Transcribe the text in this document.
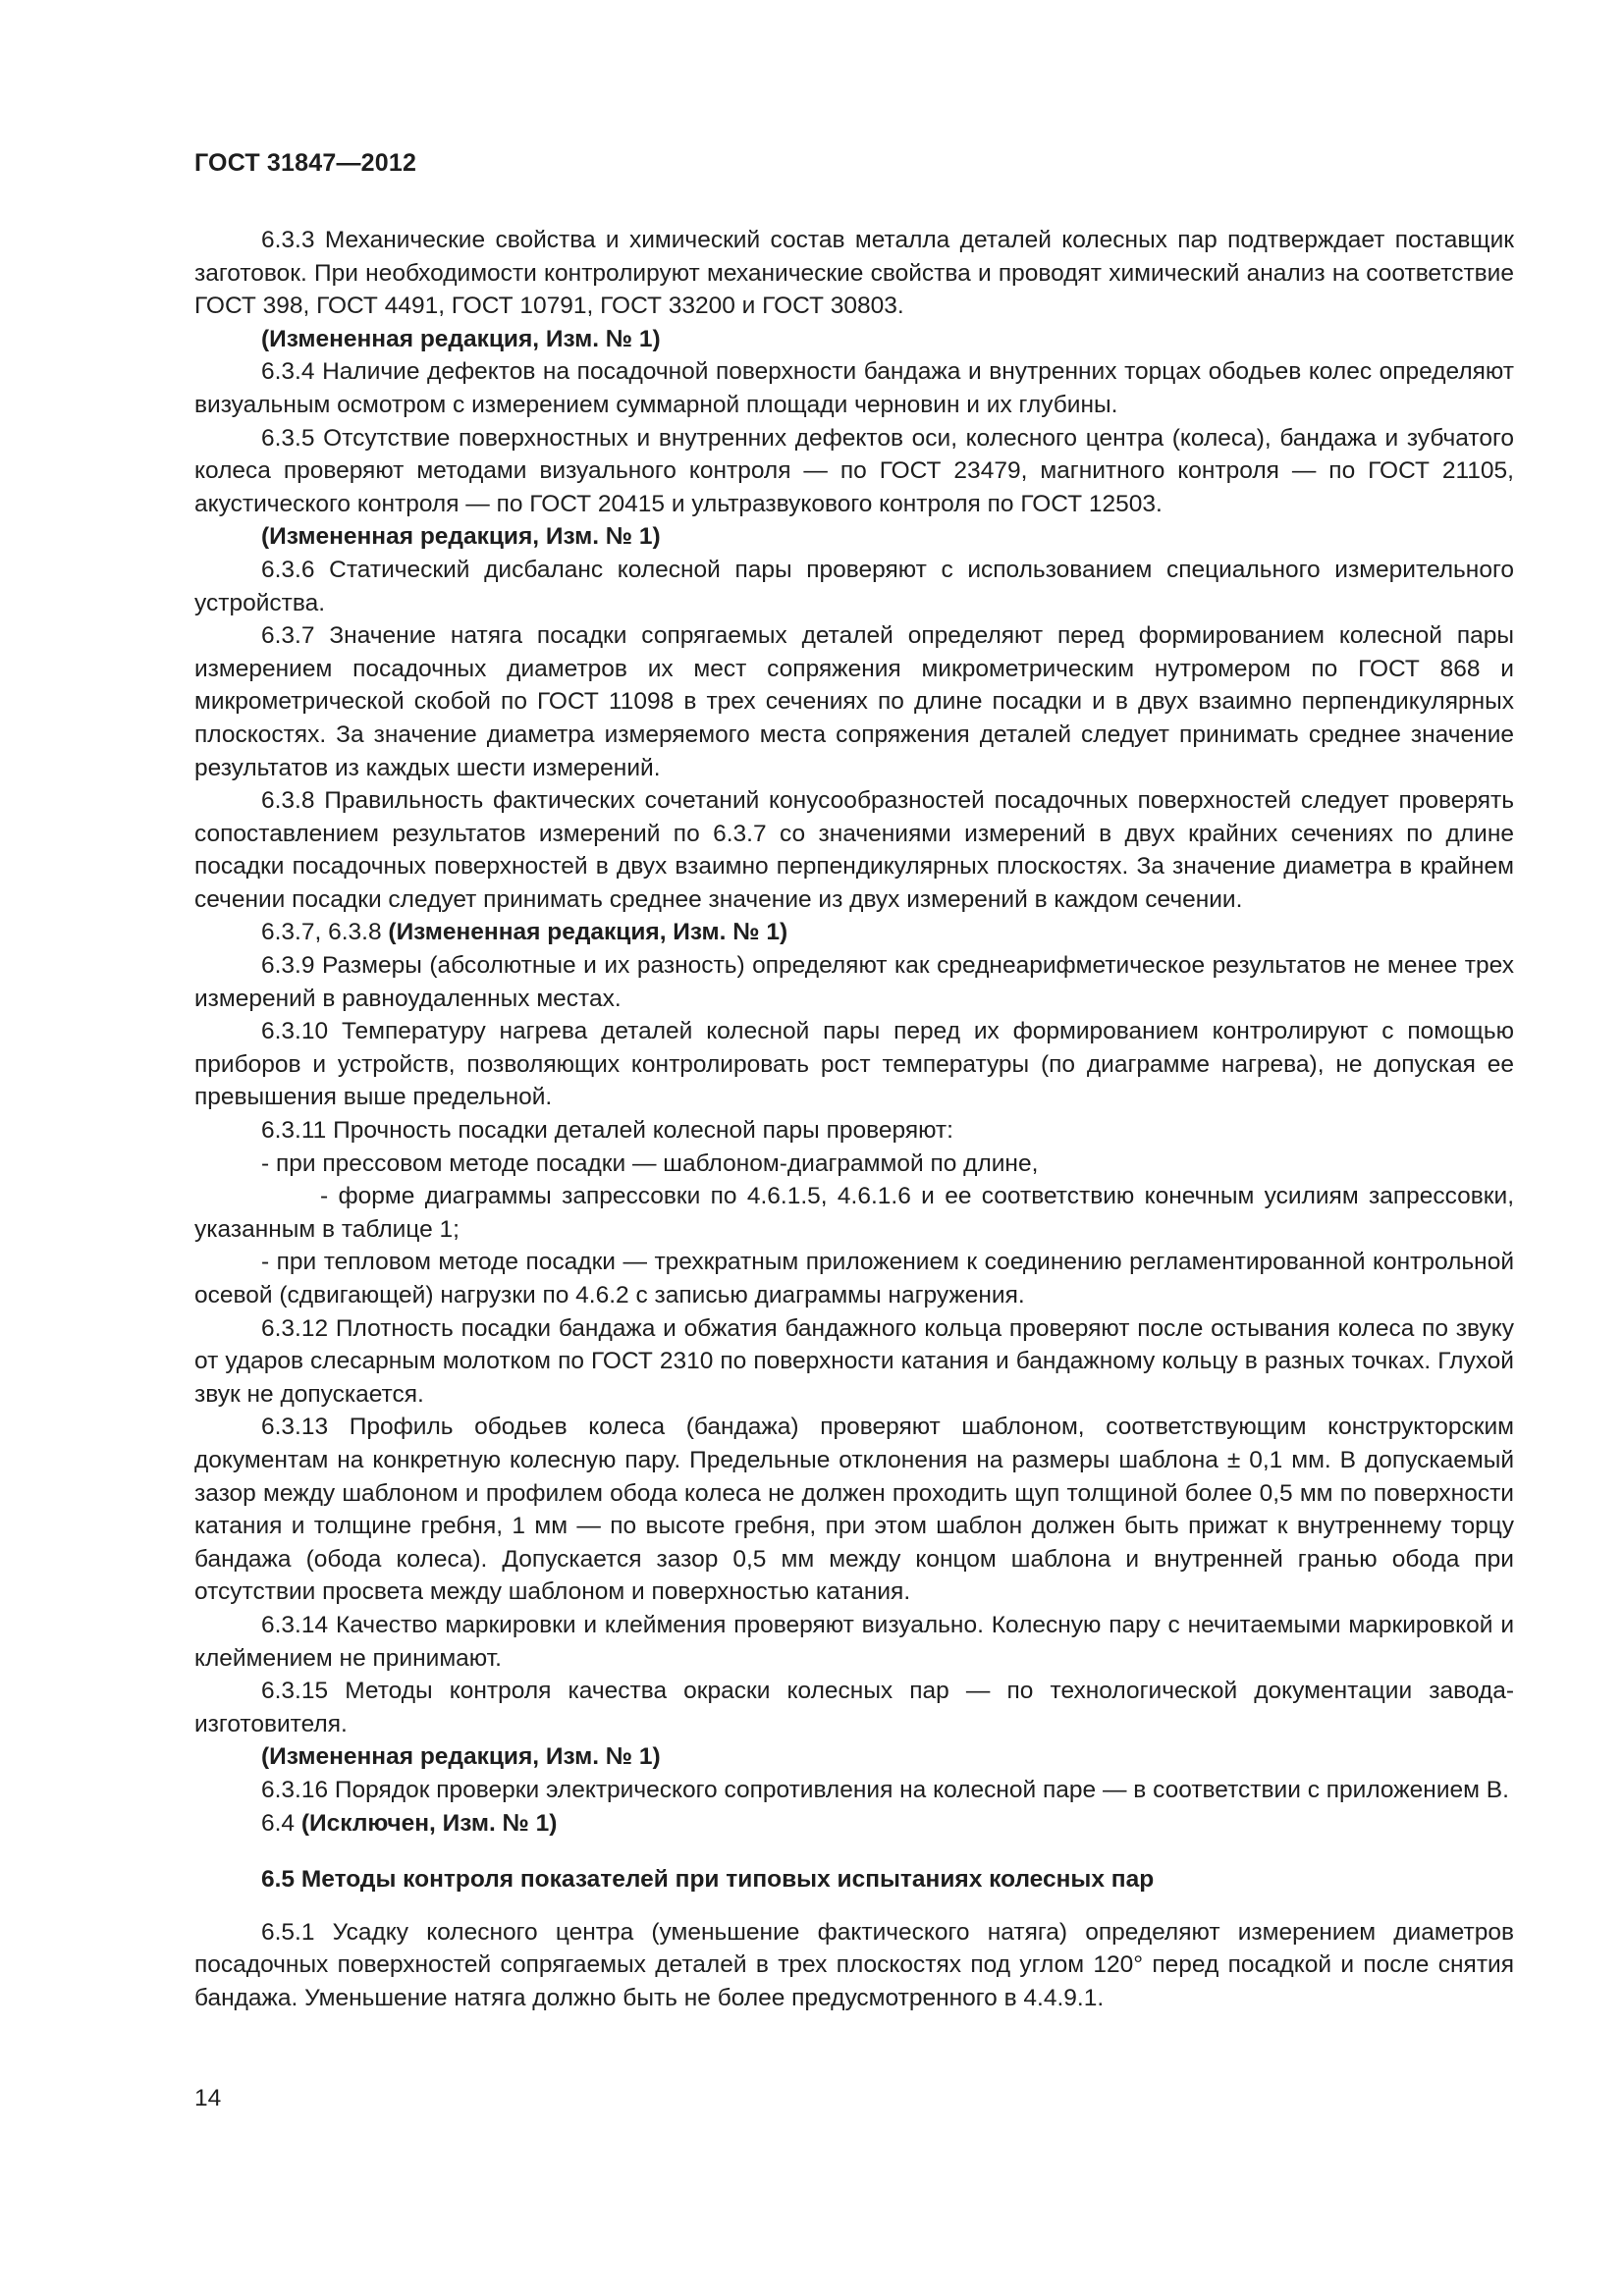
ГОСТ 31847—2012

6.3.3 Механические свойства и химический состав металла деталей колесных пар подтверждает поставщик заготовок. При необходимости контролируют механические свойства и проводят химический анализ на соответствие ГОСТ 398, ГОСТ 4491, ГОСТ 10791, ГОСТ 33200 и ГОСТ 30803.

(Измененная редакция, Изм. № 1)

6.3.4 Наличие дефектов на посадочной поверхности бандажа и внутренних торцах ободьев колес определяют визуальным осмотром с измерением суммарной площади черновин и их глубины.

6.3.5 Отсутствие поверхностных и внутренних дефектов оси, колесного центра (колеса), бандажа и зубчатого колеса проверяют методами визуального контроля — по ГОСТ 23479, магнитного контроля — по ГОСТ 21105, акустического контроля — по ГОСТ 20415 и ультразвукового контроля по ГОСТ 12503.

(Измененная редакция, Изм. № 1)

6.3.6 Статический дисбаланс колесной пары проверяют с использованием специального измерительного устройства.

6.3.7 Значение натяга посадки сопрягаемых деталей определяют перед формированием колесной пары измерением посадочных диаметров их мест сопряжения микрометрическим нутромером по ГОСТ 868 и микрометрической скобой по ГОСТ 11098 в трех сечениях по длине посадки и в двух взаимно перпендикулярных плоскостях. За значение диаметра измеряемого места сопряжения деталей следует принимать среднее значение результатов из каждых шести измерений.

6.3.8 Правильность фактических сочетаний конусообразностей посадочных поверхностей следует проверять сопоставлением результатов измерений по 6.3.7 со значениями измерений в двух крайних сечениях по длине посадки посадочных поверхностей в двух взаимно перпендикулярных плоскостях. За значение диаметра в крайнем сечении посадки следует принимать среднее значение из двух измерений в каждом сечении.

6.3.7, 6.3.8 (Измененная редакция, Изм. № 1)

6.3.9 Размеры (абсолютные и их разность) определяют как среднеарифметическое результатов не менее трех измерений в равноудаленных местах.

6.3.10 Температуру нагрева деталей колесной пары перед их формированием контролируют с помощью приборов и устройств, позволяющих контролировать рост температуры (по диаграмме нагрева), не допуская ее превышения выше предельной.

6.3.11 Прочность посадки деталей колесной пары проверяют:

- при прессовом методе посадки — шаблоном-диаграммой по длине,

- форме диаграммы запрессовки по 4.6.1.5, 4.6.1.6 и ее соответствию конечным усилиям запрессовки, указанным в таблице 1;

- при тепловом методе посадки — трехкратным приложением к соединению регламентированной контрольной осевой (сдвигающей) нагрузки по 4.6.2 с записью диаграммы нагружения.

6.3.12 Плотность посадки бандажа и обжатия бандажного кольца проверяют после остывания колеса по звуку от ударов слесарным молотком по ГОСТ 2310 по поверхности катания и бандажному кольцу в разных точках. Глухой звук не допускается.

6.3.13 Профиль ободьев колеса (бандажа) проверяют шаблоном, соответствующим конструкторским документам на конкретную колесную пару. Предельные отклонения на размеры шаблона ± 0,1 мм. В допускаемый зазор между шаблоном и профилем обода колеса не должен проходить щуп толщиной более 0,5 мм по поверхности катания и толщине гребня, 1 мм — по высоте гребня, при этом шаблон должен быть прижат к внутреннему торцу бандажа (обода колеса). Допускается зазор 0,5 мм между концом шаблона и внутренней гранью обода при отсутствии просвета между шаблоном и поверхностью катания.

6.3.14 Качество маркировки и клеймения проверяют визуально. Колесную пару с нечитаемыми маркировкой и клеймением не принимают.

6.3.15 Методы контроля качества окраски колесных пар — по технологической документации завода-изготовителя.

(Измененная редакция, Изм. № 1)

6.3.16 Порядок проверки электрического сопротивления на колесной паре — в соответствии с приложением В.

6.4 (Исключен, Изм. № 1)

6.5 Методы контроля показателей при типовых испытаниях колесных пар

6.5.1 Усадку колесного центра (уменьшение фактического натяга) определяют измерением диаметров посадочных поверхностей сопрягаемых деталей в трех плоскостях под углом 120° перед посадкой и после снятия бандажа. Уменьшение натяга должно быть не более предусмотренного в 4.4.9.1.

14
